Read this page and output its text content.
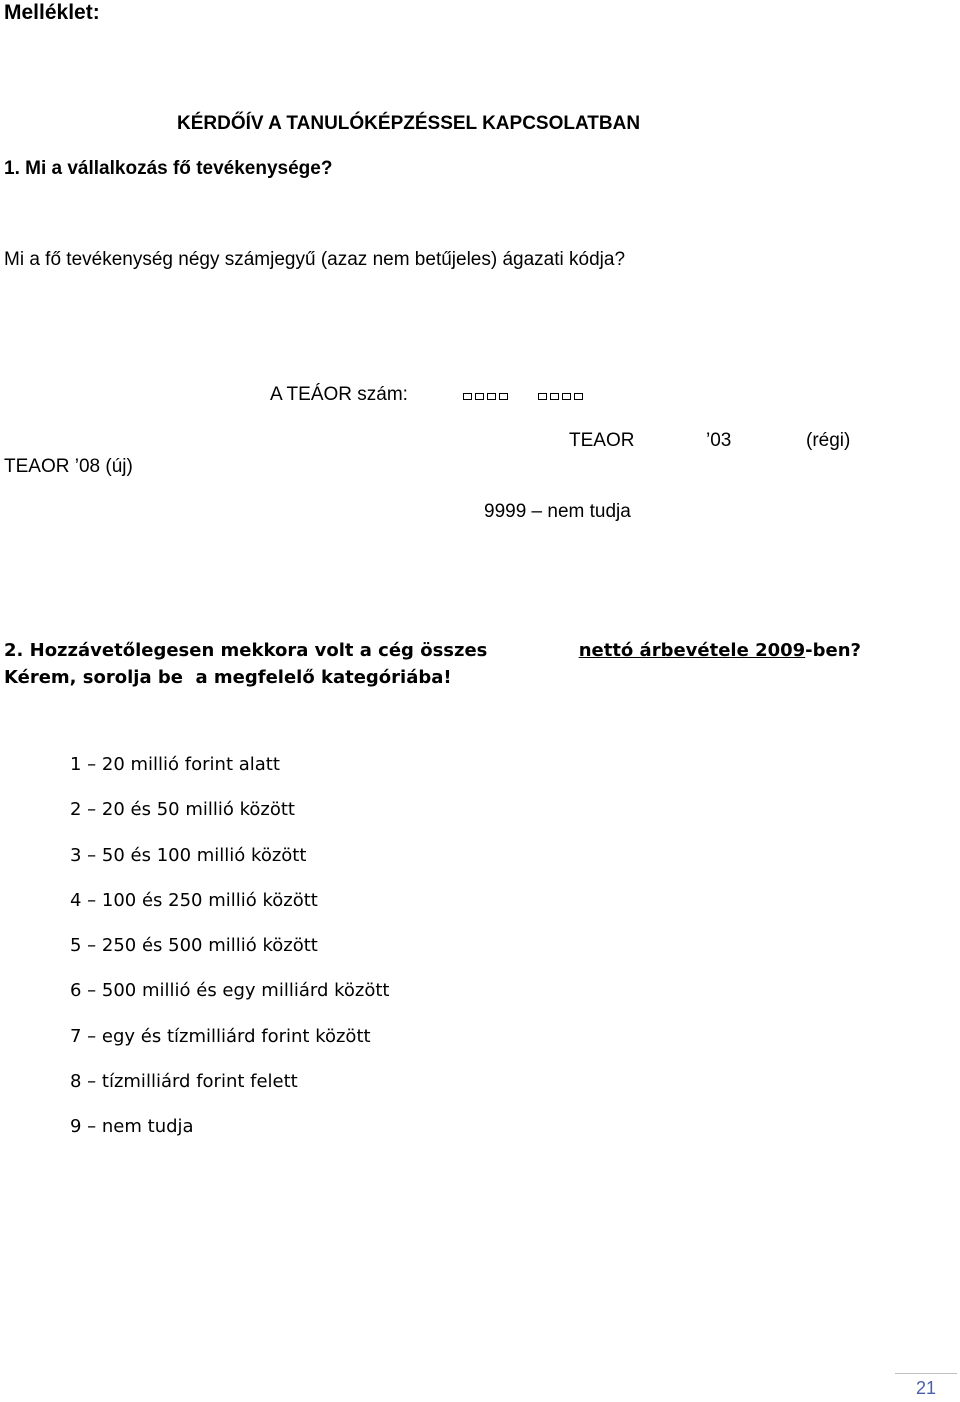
Melléklet:
KÉRDŐÍV A TANULÓKÉPZÉSSEL KAPCSOLATBAN
1. Mi a vállalkozás fő tevékenysége?
Mi a fő tevékenység négy számjegyű (azaz nem betűjeles) ágazati kódja?
A TEÁOR szám:
TEAOR	’03	(régi)
TEAOR ’08 (új)
9999 – nem tudja
2. Hozzávetőlegesen mekkora volt a cég összes	nettó árbevétele 2009-ben?
Kérem, sorolja be  a megfelelő kategóriába!
1 – 20 millió forint alatt
2 – 20 és 50 millió között
3 – 50 és 100 millió között
4 – 100 és 250 millió között
5 – 250 és 500 millió között
6 – 500 millió és egy milliárd között
7 – egy és tízmilliárd forint között
8 – tízmilliárd forint felett
9 – nem tudja
21
